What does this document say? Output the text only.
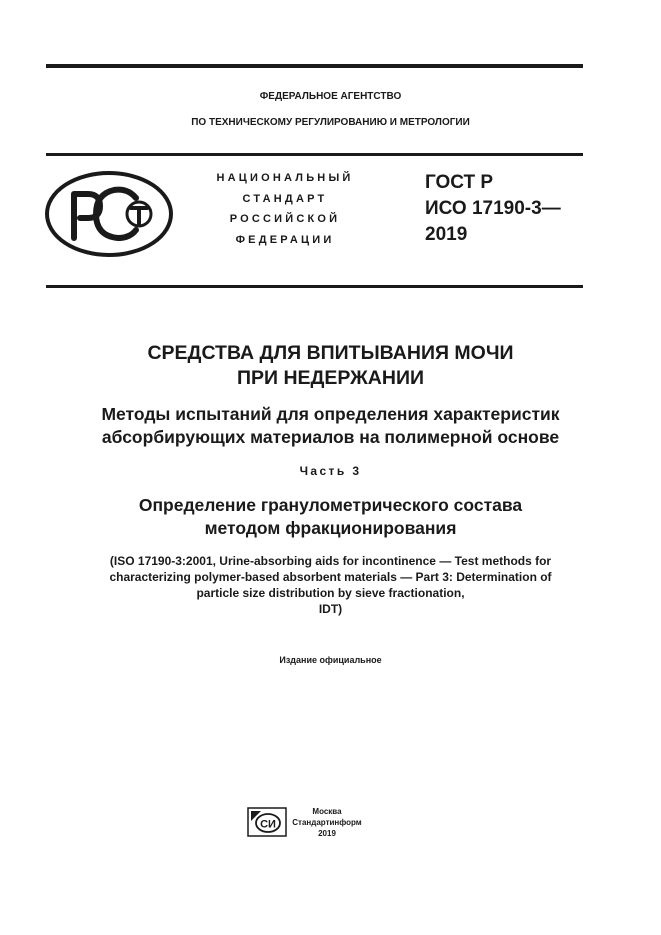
ФЕДЕРАЛЬНОЕ АГЕНТСТВО
ПО ТЕХНИЧЕСКОМУ РЕГУЛИРОВАНИЮ И МЕТРОЛОГИИ
НАЦИОНАЛЬНЫЙ
СТАНДАРТ
РОССИЙСКОЙ
ФЕДЕРАЦИИ
ГОСТ Р
ИСО 17190-3—
2019
СРЕДСТВА ДЛЯ ВПИТЫВАНИЯ МОЧИ
ПРИ НЕДЕРЖАНИИ
Методы испытаний для определения характеристик
абсорбирующих материалов на полимерной основе
Часть 3
Определение гранулометрического состава
методом фракционирования
(ISO 17190-3:2001, Urine-absorbing aids for incontinence — Test methods for
characterizing polymer-based absorbent materials — Part 3: Determination of
particle size distribution by sieve fractionation,
IDT)
Издание официальное
СИ
Москва
Стандартинформ
2019
